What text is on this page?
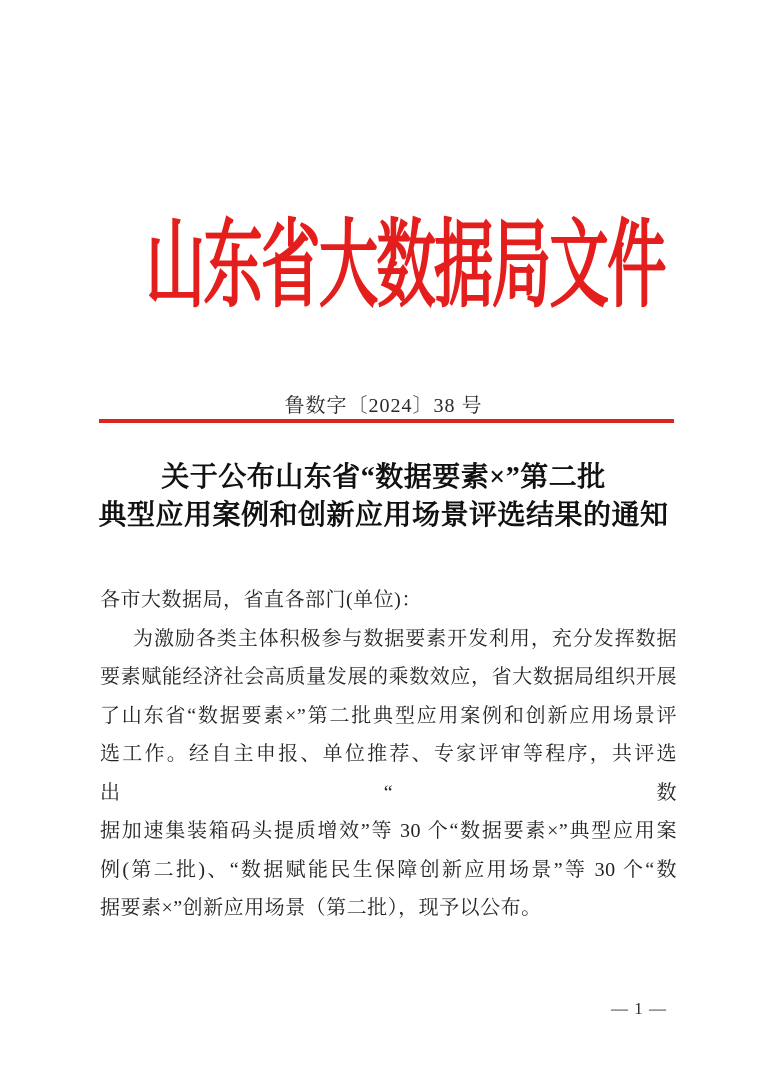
山东省大数据局文件
鲁数字〔2024〕38 号
关于公布山东省“数据要素×”第二批
典型应用案例和创新应用场景评选结果的通知
各市大数据局，省直各部门(单位)：
为激励各类主体积极参与数据要素开发利用，充分发挥数据
要素赋能经济社会高质量发展的乘数效应，省大数据局组织开展
了山东省“数据要素×”第二批典型应用案例和创新应用场景评
选工作。经自主申报、单位推荐、专家评审等程序，共评选出“数
据加速集装箱码头提质增效”等 30 个“数据要素×”典型应用案
例(第二批)、“数据赋能民生保障创新应用场景”等 30 个“数
据要素×”创新应用场景（第二批），现予以公布。
— 1 —
